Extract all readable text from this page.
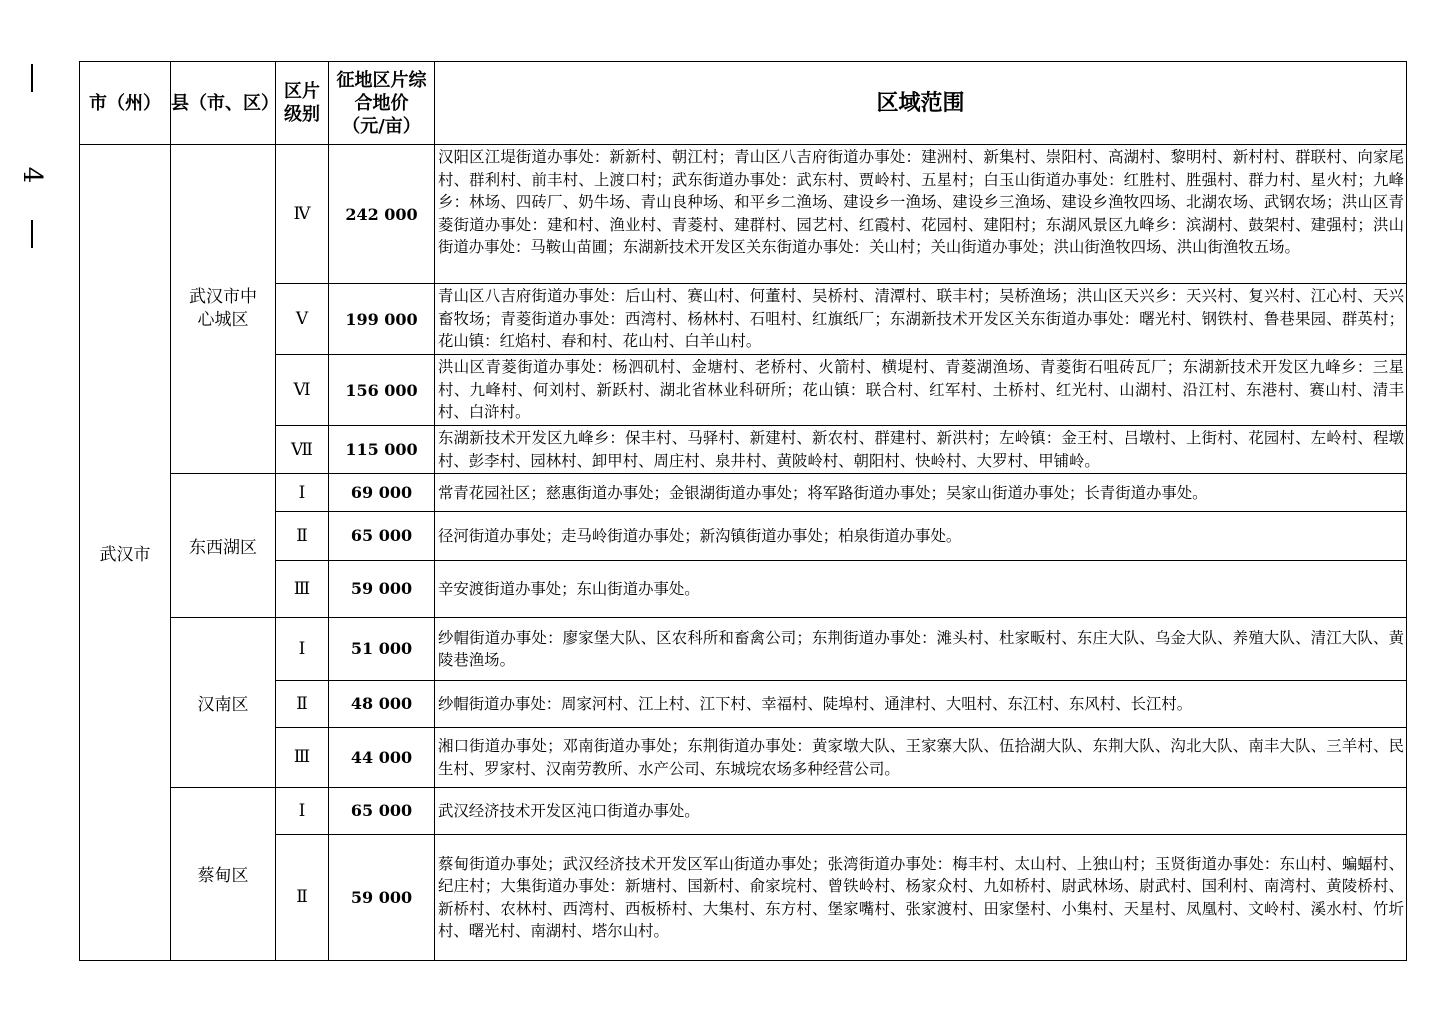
4
市（州）	县（市、区）	区片级别	征地区片综合地价（元/亩）	区域范围
武汉市	武汉市中心城区	Ⅳ	242 000	汉阳区江堤街道办事处：新新村、朝江村；青山区八吉府街道办事处：建洲村、新集村、崇阳村、高湖村、黎明村、新村村、群联村、向家尾村、群利村、前丰村、上渡口村；武东街道办事处：武东村、贾岭村、五星村；白玉山街道办事处：红胜村、胜强村、群力村、星火村；九峰乡：林场、四砖厂、奶牛场、青山良种场、和平乡二渔场、建设乡一渔场、建设乡三渔场、建设乡渔牧四场、北湖农场、武钢农场；洪山区青菱街道办事处：建和村、渔业村、青菱村、建群村、园艺村、红霞村、花园村、建阳村；东湖风景区九峰乡：滨湖村、鼓架村、建强村；洪山街道办事处：马鞍山苗圃；东湖新技术开发区关东街道办事处：关山村；关山街道办事处；洪山街渔牧四场、洪山街渔牧五场。
		Ⅴ	199 000	青山区八吉府街道办事处：后山村、赛山村、何董村、吴桥村、清潭村、联丰村；吴桥渔场；洪山区天兴乡：天兴村、复兴村、江心村、天兴畜牧场；青菱街道办事处：西湾村、杨林村、石咀村、红旗纸厂；东湖新技术开发区关东街道办事处：曙光村、钢铁村、鲁巷果园、群英村；花山镇：红焰村、春和村、花山村、白羊山村。
		Ⅵ	156 000	洪山区青菱街道办事处：杨泗矶村、金塘村、老桥村、火箭村、横堤村、青菱湖渔场、青菱街石咀砖瓦厂；东湖新技术开发区九峰乡：三星村、九峰村、何刘村、新跃村、湖北省林业科研所；花山镇：联合村、红军村、土桥村、红光村、山湖村、沿江村、东港村、赛山村、清丰村、白浒村。
		Ⅶ	115 000	东湖新技术开发区九峰乡：保丰村、马驿村、新建村、新农村、群建村、新洪村；左岭镇：金王村、吕墩村、上街村、花园村、左岭村、程墩村、彭李村、园林村、卸甲村、周庄村、泉井村、黄陂岭村、朝阳村、快岭村、大罗村、甲铺岭。
	东西湖区	Ⅰ	69 000	常青花园社区；慈惠街道办事处；金银湖街道办事处；将军路街道办事处；吴家山街道办事处；长青街道办事处。
		Ⅱ	65 000	径河街道办事处；走马岭街道办事处；新沟镇街道办事处；柏泉街道办事处。
		Ⅲ	59 000	辛安渡街道办事处；东山街道办事处。
	汉南区	Ⅰ	51 000	纱帽街道办事处：廖家堡大队、区农科所和畜禽公司；东荆街道办事处：滩头村、杜家畈村、东庄大队、乌金大队、养殖大队、清江大队、黄陵巷渔场。
		Ⅱ	48 000	纱帽街道办事处：周家河村、江上村、江下村、幸福村、陡埠村、通津村、大咀村、东江村、东风村、长江村。
		Ⅲ	44 000	湘口街道办事处；邓南街道办事处；东荆街道办事处：黄家墩大队、王家寨大队、伍拾湖大队、东荆大队、沟北大队、南丰大队、三羊村、民生村、罗家村、汉南劳教所、水产公司、东城垸农场多种经营公司。
	蔡甸区	Ⅰ	65 000	武汉经济技术开发区沌口街道办事处。
		Ⅱ	59 000	蔡甸街道办事处；武汉经济技术开发区军山街道办事处；张湾街道办事处：梅丰村、太山村、上独山村；玉贤街道办事处：东山村、蝙蝠村、纪庄村；大集街道办事处：新塘村、国新村、俞家垸村、曾铁岭村、杨家众村、九如桥村、尉武林场、尉武村、国利村、南湾村、黄陵桥村、新桥村、农林村、西湾村、西板桥村、大集村、东方村、堡家嘴村、张家渡村、田家堡村、小集村、天星村、凤凰村、文岭村、溪水村、竹圻村、曙光村、南湖村、塔尔山村。
